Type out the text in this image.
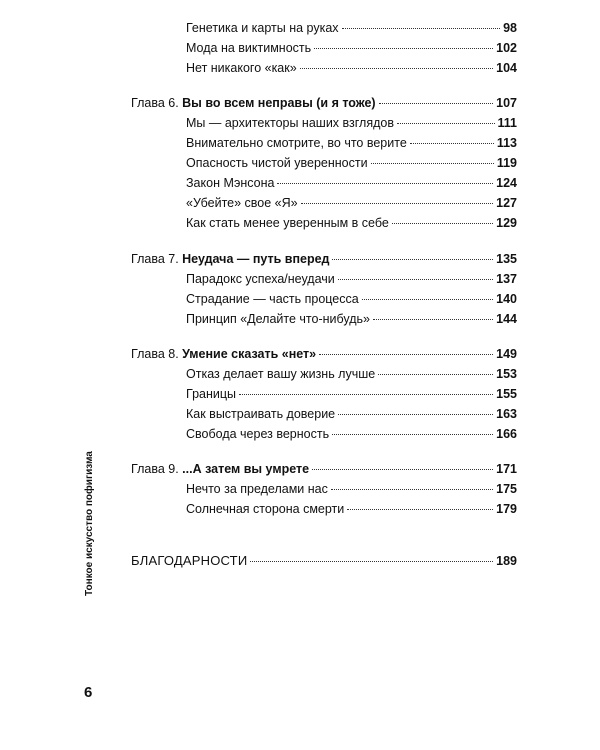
Генетика и карты на руках	98
Мода на виктимность	102
Нет никакого «как»	104
Глава 6. Вы во всем неправы (и я тоже)	107
Мы — архитекторы наших взглядов	111
Внимательно смотрите, во что верите	113
Опасность чистой уверенности	119
Закон Мэнсона	124
«Убейте» свое «Я»	127
Как стать менее уверенным в себе	129
Глава 7. Неудача — путь вперед	135
Парадокс успеха/неудачи	137
Страдание — часть процесса	140
Принцип «Делайте что-нибудь»	144
Глава 8. Умение сказать «нет»	149
Отказ делает вашу жизнь лучше	153
Границы	155
Как выстраивать доверие	163
Свобода через верность	166
Глава 9. ...А затем вы умрете	171
Нечто за пределами нас	175
Солнечная сторона смерти	179
БЛАГОДАРНОСТИ	189
Тонкое искусство пофигизма
6
